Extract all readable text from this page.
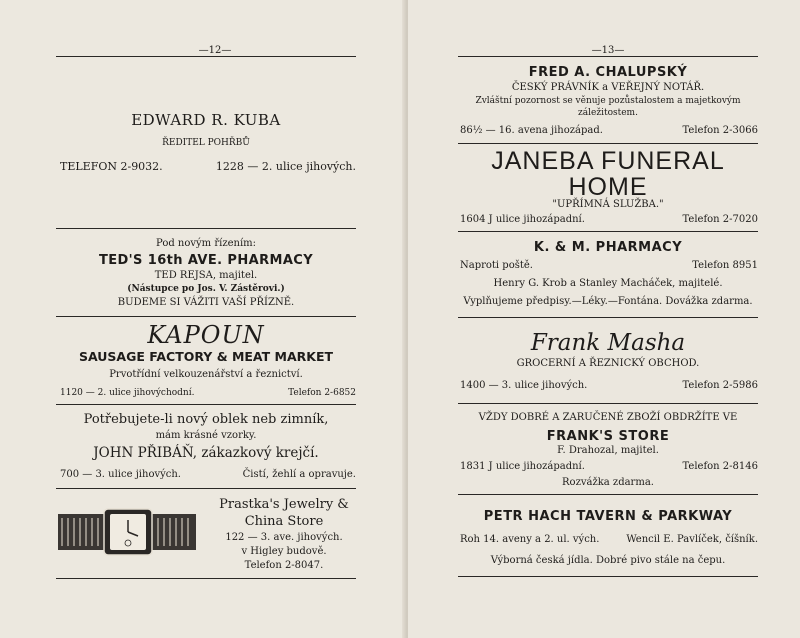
—12—
EDWARD R. KUBA
ŘEDITEL POHŘBŮ
TELEFON 2-9032.	1228 — 2. ulice jihových.
Pod novým řízením:
TED'S 16th AVE. PHARMACY
TED REJSA, majitel.
(Nástupce po Jos. V. Zástěrovi.)
BUDEME SI VÁŽITI VAŠÍ PŘÍZNĚ.
KAPOUN
SAUSAGE FACTORY & MEAT MARKET
Prvotřídní velkouzenářství a řeznictví.
1120 — 2. ulice jihovýchodní.	Telefon 2-6852
Potřebujete-li nový oblek neb zimník,
mám krásné vzorky.
JOHN PŘIBÁŇ, zákazkový krejčí.
700 — 3. ulice jihových.	Čistí, žehlí a opravuje.
Prastka's Jewelry &
China Store
122 — 3. ave. jihových.
v Higley budově.
Telefon 2-8047.
—13—
FRED A. CHALUPSKÝ
ČESKÝ PRÁVNÍK a VEŘEJNÝ NOTÁŘ.
Zvláštní pozornost se věnuje pozůstalostem a majetkovým
záležitostem.
86½ — 16. avena jihozápad.	Telefon 2-3066
JANEBA FUNERAL
HOME
"UPŘÍMNÁ SLUŽBA."
1604 J ulice jihozápadní.	Telefon 2-7020
K. & M. PHARMACY
Naproti poště.	Telefon 8951
Henry G. Krob a Stanley Macháček, majitelé.
Vyplňujeme předpisy.—Léky.—Fontána. Dovážka zdarma.
Frank Masha
GROCERNÍ A ŘEZNICKÝ OBCHOD.
1400 — 3. ulice jihových.	Telefon 2-5986
VŽDY DOBRÉ A ZARUČENÉ ZBOŽÍ OBDRŽÍTE VE
FRANK'S STORE
F. Drahozal, majitel.
1831 J ulice jihozápadní.	Telefon 2-8146
Rozvážka zdarma.
PETR HACH TAVERN & PARKWAY
Roh 14. aveny a 2. ul. vých.	Wencil E. Pavlíček, číšník.
Výborná česká jídla. Dobré pivo stále na čepu.
